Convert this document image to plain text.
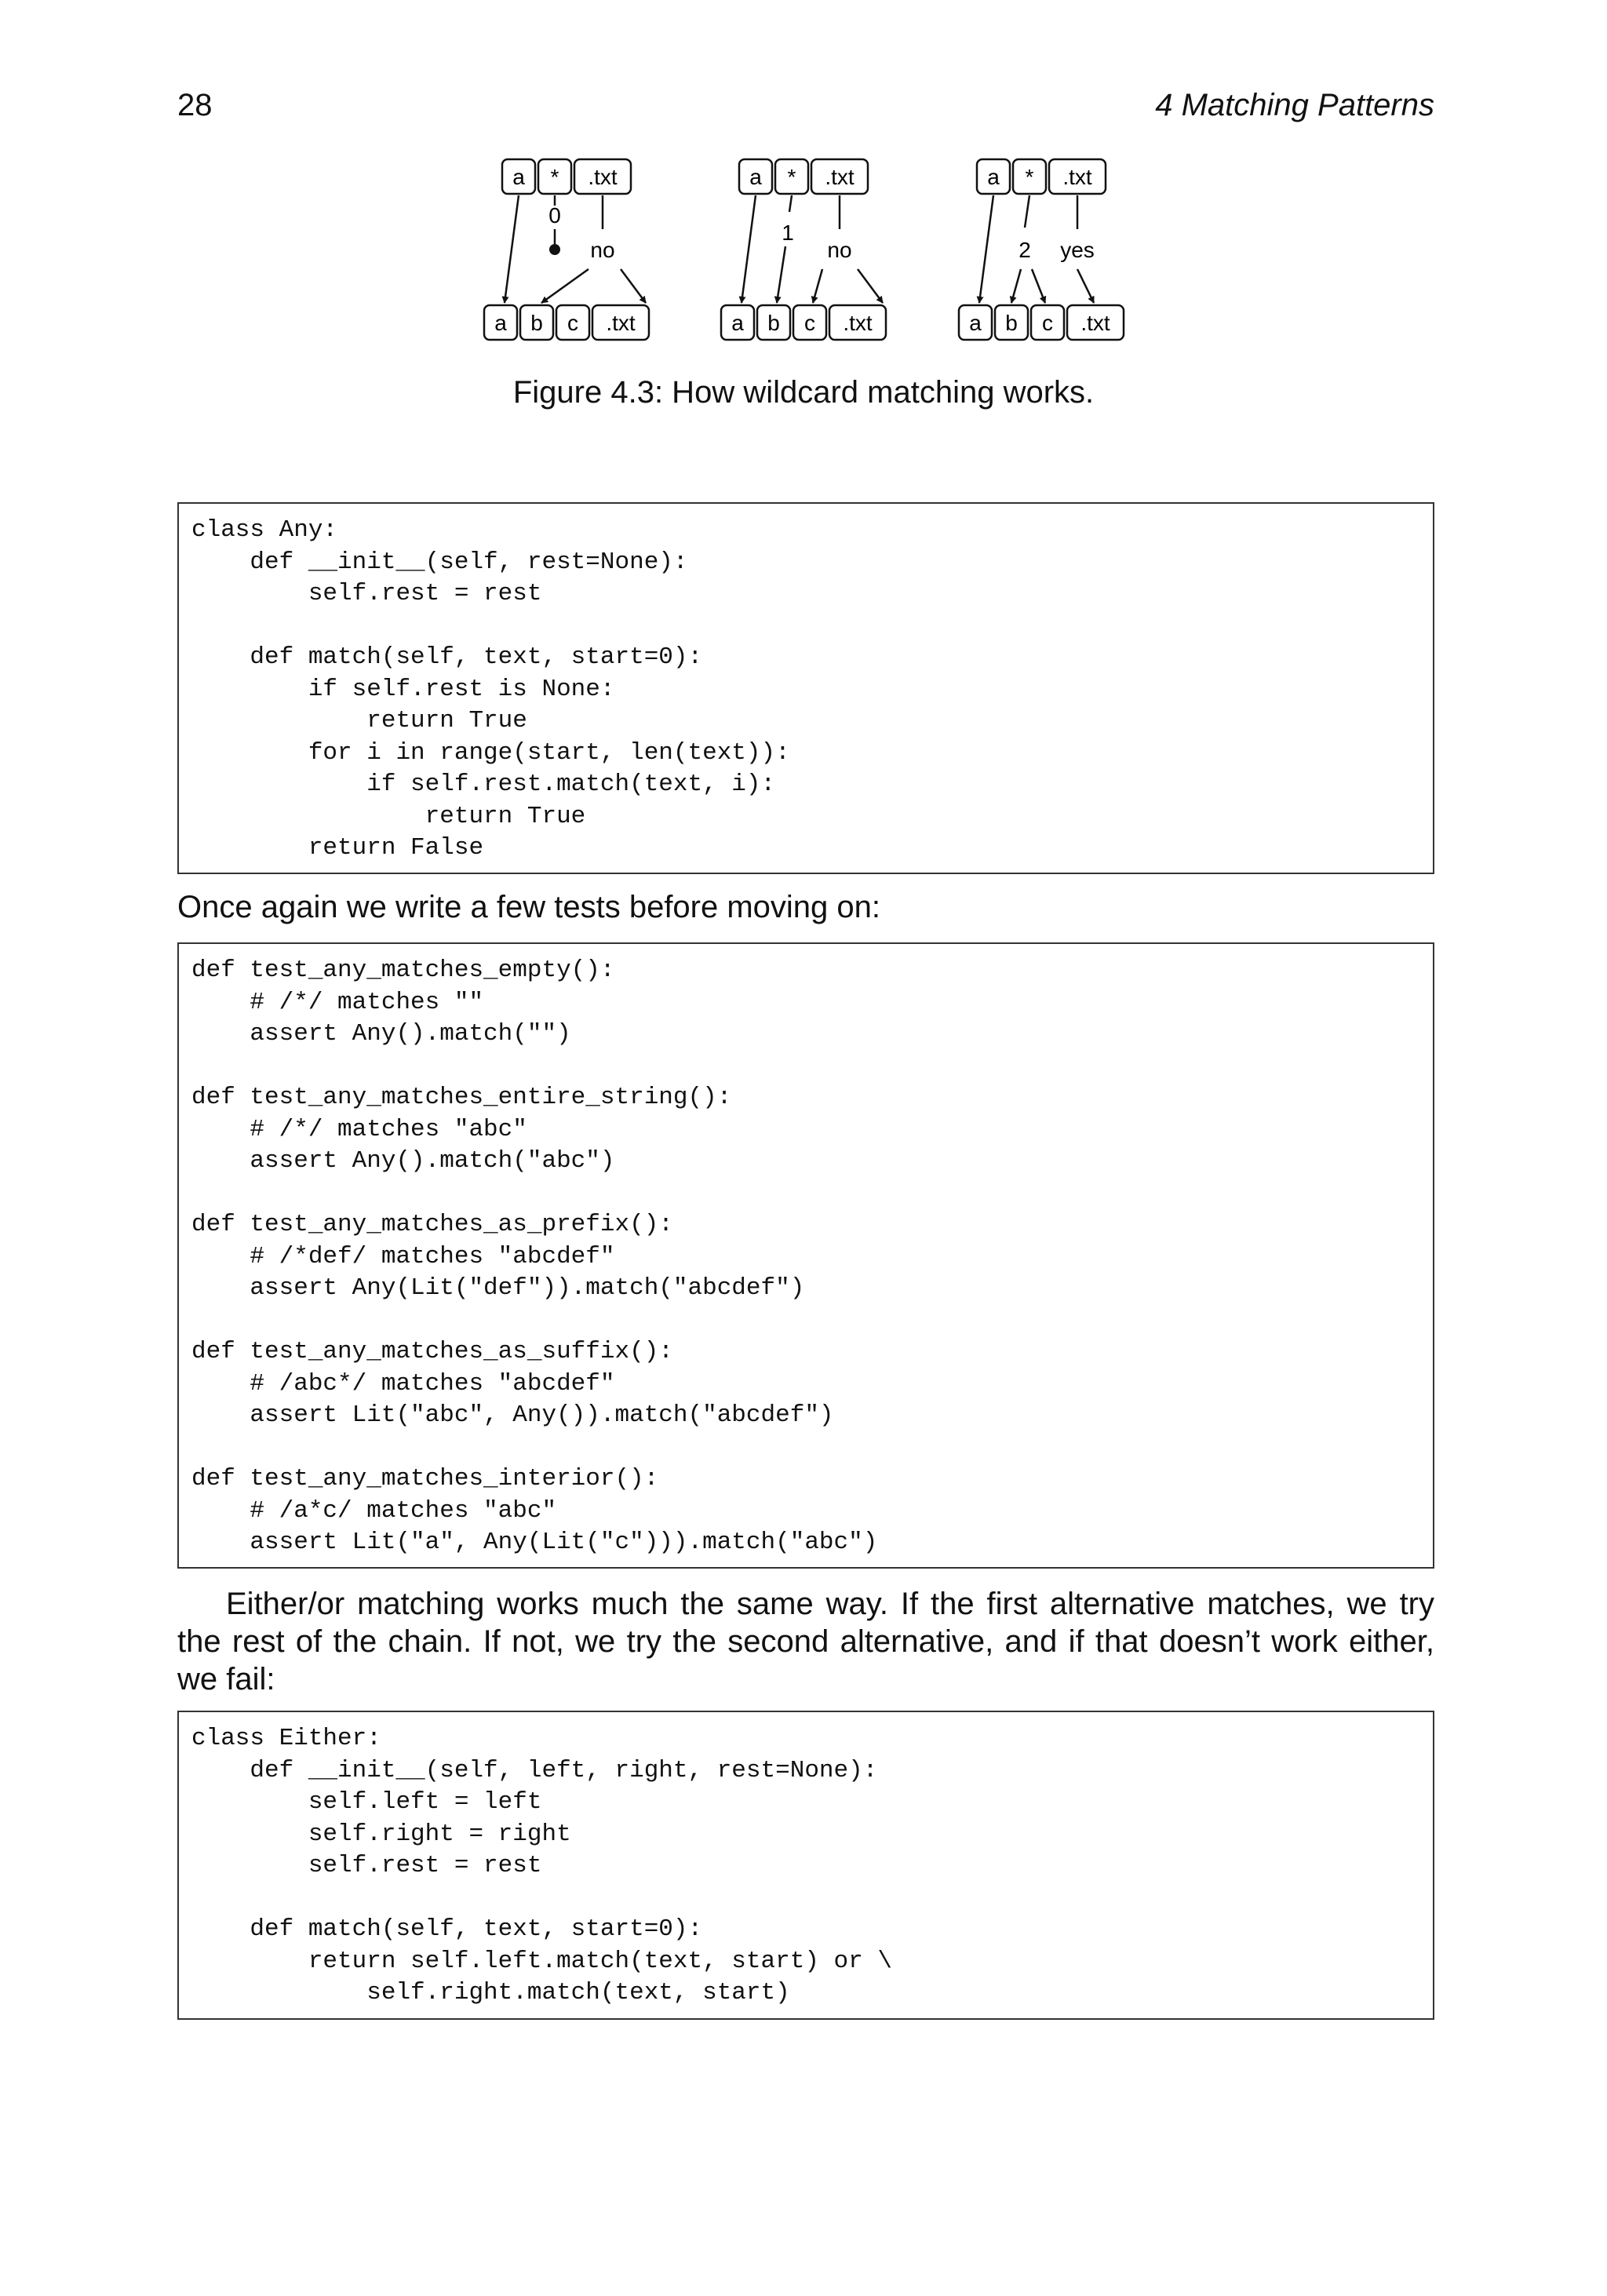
28	4 Matching Patterns
a * .txt
a b c .txt
0
no
a * .txt
a b c .txt
1
no
a * .txt
a b c .txt
2 yes
Figure 4.3: How wildcard matching works.
class Any:
def __init__(self, rest=None):
self.rest = rest

def match(self, text, start=0):
if self.rest is None:
return True
for i in range(start, len(text)):
if self.rest.match(text, i):
return True
return False
Once again we write a few tests before moving on:
def test_any_matches_empty():
# /*/ matches ""
assert Any().match("")

def test_any_matches_entire_string():
# /*/ matches "abc"
assert Any().match("abc")

def test_any_matches_as_prefix():
# /*def/ matches "abcdef"
assert Any(Lit("def")).match("abcdef")

def test_any_matches_as_suffix():
# /abc*/ matches "abcdef"
assert Lit("abc", Any()).match("abcdef")

def test_any_matches_interior():
# /a*c/ matches "abc"
assert Lit("a", Any(Lit("c"))).match("abc")
Either/or matching works much the same way. If the first alternative matches, we try the rest of the chain. If not, we try the second alternative, and if that doesn’t work either, we fail:
class Either:
def __init__(self, left, right, rest=None):
self.left = left
self.right = right
self.rest = rest

def match(self, text, start=0):
return self.left.match(text, start) or \
self.right.match(text, start)
